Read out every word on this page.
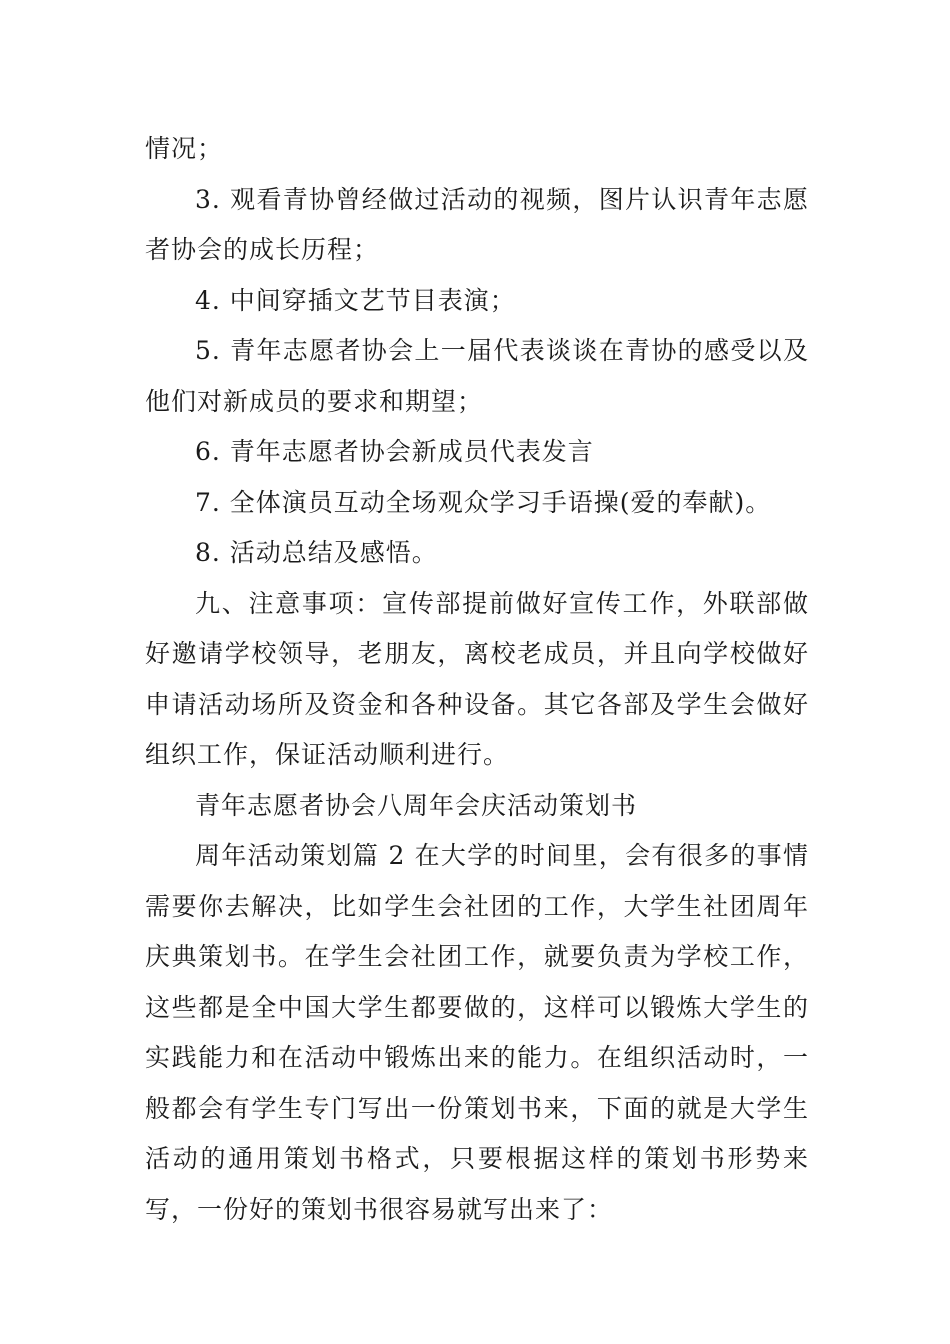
情况；

3. 观看青协曾经做过活动的视频，图片认识青年志愿者协会的成长历程；

4. 中间穿插文艺节目表演；

5. 青年志愿者协会上一届代表谈谈在青协的感受以及他们对新成员的要求和期望；

6. 青年志愿者协会新成员代表发言

7. 全体演员互动全场观众学习手语操(爱的奉献)。

8. 活动总结及感悟。

九、注意事项：宣传部提前做好宣传工作，外联部做好邀请学校领导，老朋友，离校老成员，并且向学校做好申请活动场所及资金和各种设备。其它各部及学生会做好组织工作，保证活动顺利进行。

青年志愿者协会八周年会庆活动策划书

周年活动策划篇 2 在大学的时间里，会有很多的事情需要你去解决，比如学生会社团的工作，大学生社团周年庆典策划书。在学生会社团工作，就要负责为学校工作，这些都是全中国大学生都要做的，这样可以锻炼大学生的实践能力和在活动中锻炼出来的能力。在组织活动时，一般都会有学生专门写出一份策划书来，下面的就是大学生活动的通用策划书格式，只要根据这样的策划书形势来写，一份好的策划书很容易就写出来了：
